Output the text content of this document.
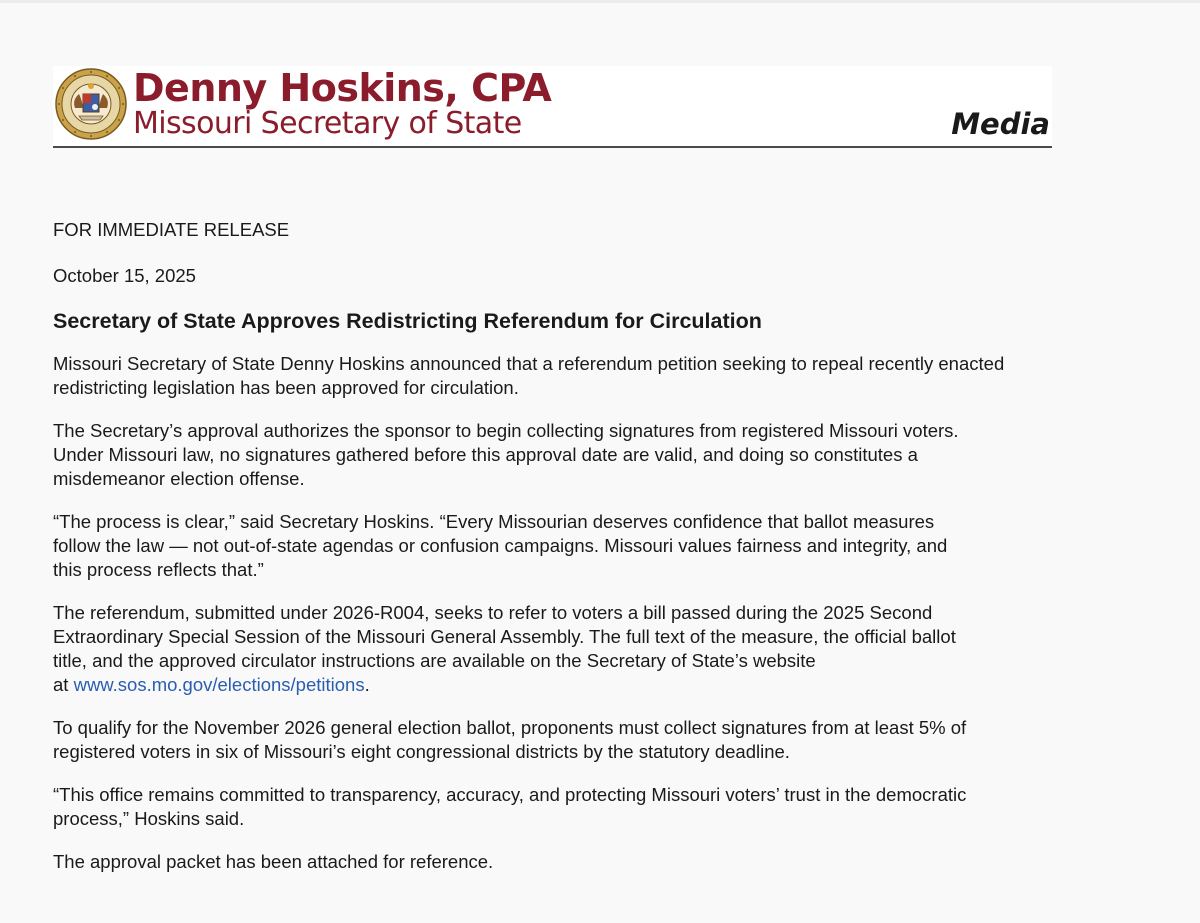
Denny Hoskins, CPA
Missouri Secretary of State	Media

FOR IMMEDIATE RELEASE

October 15, 2025

Secretary of State Approves Redistricting Referendum for Circulation

Missouri Secretary of State Denny Hoskins announced that a referendum petition seeking to repeal recently enacted redistricting legislation has been approved for circulation.

The Secretary’s approval authorizes the sponsor to begin collecting signatures from registered Missouri voters.
Under Missouri law, no signatures gathered before this approval date are valid, and doing so constitutes a
misdemeanor election offense.

“The process is clear,” said Secretary Hoskins. “Every Missourian deserves confidence that ballot measures
follow the law — not out-of-state agendas or confusion campaigns. Missouri values fairness and integrity, and
this process reflects that.”

The referendum, submitted under 2026-R004, seeks to refer to voters a bill passed during the 2025 Second
Extraordinary Special Session of the Missouri General Assembly. The full text of the measure, the official ballot
title, and the approved circulator instructions are available on the Secretary of State’s website
at www.sos.mo.gov/elections/petitions.

To qualify for the November 2026 general election ballot, proponents must collect signatures from at least 5% of
registered voters in six of Missouri’s eight congressional districts by the statutory deadline.

“This office remains committed to transparency, accuracy, and protecting Missouri voters’ trust in the democratic
process,” Hoskins said.

The approval packet has been attached for reference.
